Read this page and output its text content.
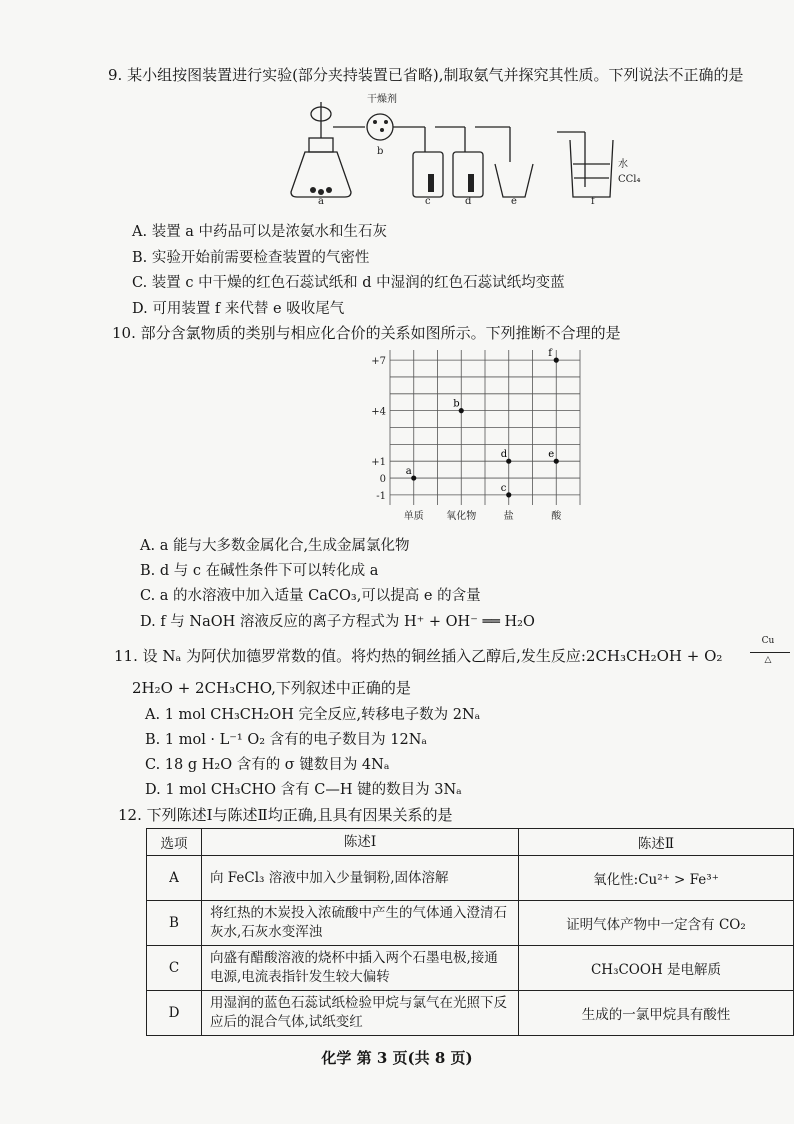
9. 某小组按图装置进行实验(部分夹持装置已省略),制取氨气并探究其性质。下列说法不正确的是
干燥剂
a
b
c	d	e	f
水
CCl₄
A. 装置 a 中药品可以是浓氨水和生石灰
B. 实验开始前需要检查装置的气密性
C. 装置 c 中干燥的红色石蕊试纸和 d 中湿润的红色石蕊试纸均变蓝
D. 可用装置 f 来代替 e 吸收尾气
10. 部分含氯物质的类别与相应化合价的关系如图所示。下列推断不合理的是
+7
+4
+1
0
-1
单质 氧化物	盐	酸
a
b
c
d	e
f
A. a 能与大多数金属化合,生成金属氯化物
B. d 与 c 在碱性条件下可以转化成 a
C. a 的水溶液中加入适量 CaCO₃,可以提高 e 的含量
D. f 与 NaOH 溶液反应的离子方程式为 H⁺ + OH⁻ ══ H₂O
11. 设 Nₐ 为阿伏加德罗常数的值。将灼热的铜丝插入乙醇后,发生反应:2CH₃CH₂OH + O₂
Cu
△
2H₂O + 2CH₃CHO,下列叙述中正确的是
A. 1 mol CH₃CH₂OH 完全反应,转移电子数为 2Nₐ
B. 1 mol · L⁻¹ O₂ 含有的电子数目为 12Nₐ
C. 18 g H₂O 含有的 σ 键数目为 4Nₐ
D. 1 mol CH₃CHO 含有 C—H 键的数目为 3Nₐ
12. 下列陈述Ⅰ与陈述Ⅱ均正确,且具有因果关系的是
选项	陈述Ⅰ	陈述Ⅱ
A	向 FeCl₃ 溶液中加入少量铜粉,固体溶解	氧化性:Cu²⁺ > Fe³⁺
B	将红热的木炭投入浓硫酸中产生的气体通入澄清石灰水,石灰水变浑浊	证明气体产物中一定含有 CO₂
C	向盛有醋酸溶液的烧杯中插入两个石墨电极,接通电源,电流表指针发生较大偏转	CH₃COOH 是电解质
D	用湿润的蓝色石蕊试纸检验甲烷与氯气在光照下反应后的混合气体,试纸变红	生成的一氯甲烷具有酸性
化学 第 3 页(共 8 页)
